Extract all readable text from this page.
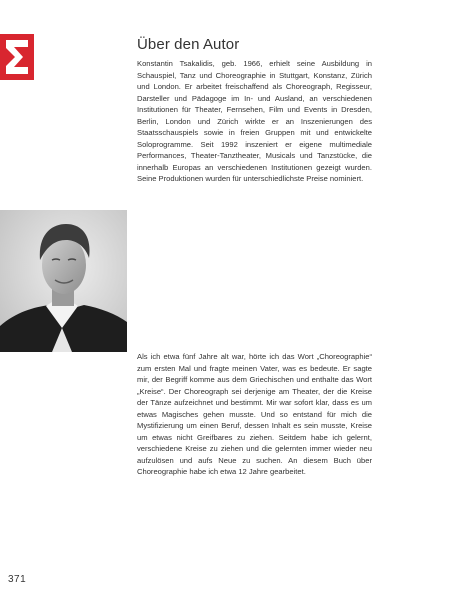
Über den Autor

Konstantin Tsakalidis, geb. 1966, erhielt seine Ausbildung in Schauspiel, Tanz und Choreographie in Stuttgart, Konstanz, Zürich und London. Er arbeitet freischaffend als Choreograph, Regisseur, Darsteller und Pädagoge im In- und Ausland, an verschiedenen Institutionen für Theater, Fernsehen, Film und Events in Dresden, Berlin, London und Zürich wirkte er an Inszenierungen des Staatsschauspiels sowie in freien Gruppen mit und entwickelte Soloprogramme. Seit 1992 inszeniert er eigene multimediale Performances, Theater-Tanztheater, Musicals und Tanzstücke, die innerhalb Europas an verschiedenen Institutionen gezeigt wurden. Seine Produktionen wurden für unterschiedlichste Preise nominiert.

Als ich etwa fünf Jahre alt war, hörte ich das Wort „Choreographie“ zum ersten Mal und fragte meinen Vater, was es bedeute. Er sagte mir, der Begriff komme aus dem Griechischen und enthalte das Wort „Kreise“. Der Choreograph sei derjenige am Theater, der die Kreise der Tänze aufzeichnet und bestimmt. Mir war sofort klar, dass es um etwas Magisches gehen musste. Und so entstand für mich die Mystifizierung um einen Beruf, dessen Inhalt es sein musste, Kreise um etwas nicht Greifbares zu ziehen. Seitdem habe ich gelernt, verschiedene Kreise zu ziehen und die gelernten immer wieder neu aufzulösen und aufs Neue zu suchen. An diesem Buch über Choreographie habe ich etwa 12 Jahre gearbeitet.

371
